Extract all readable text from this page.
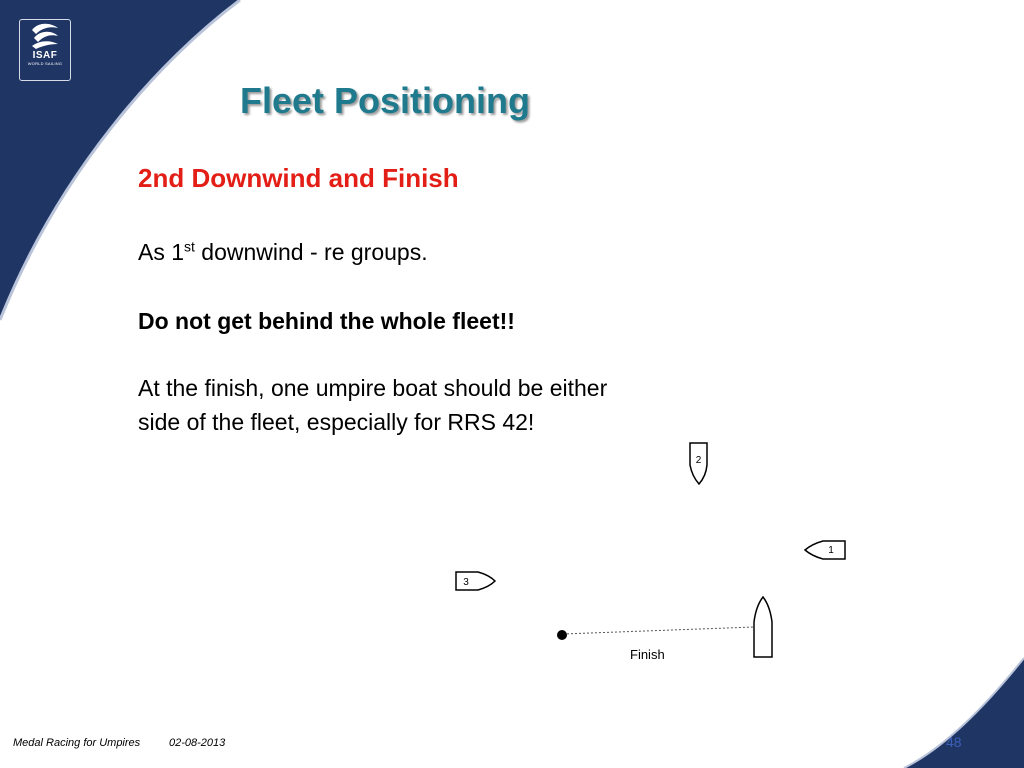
ISAF
WORLD SAILING
Fleet Positioning
2nd Downwind and Finish

As 1st downwind - re groups.

Do not get behind the whole fleet!!

At the finish, one umpire boat should be either side of the fleet, especially for RRS 42!

2
1
3
Finish
Medal Racing for Umpires	02-08-2013	48
